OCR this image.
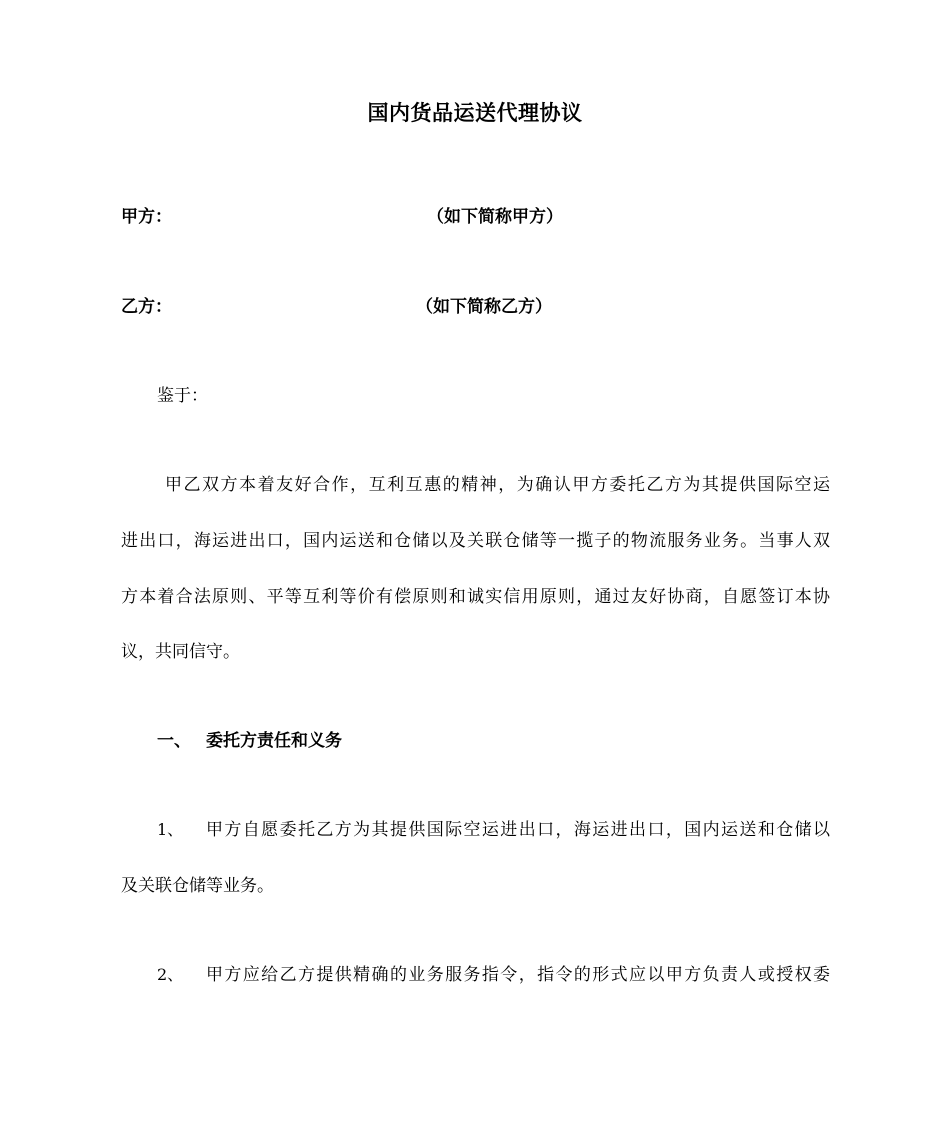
国内货品运送代理协议
甲方：	（如下简称甲方）
乙方：	（如下简称乙方）
鉴于：
甲乙双方本着友好合作，互利互惠的精神，为确认甲方委托乙方为其提供国际空运
进出口，海运进出口，国内运送和仓储以及关联仓储等一揽子的物流服务业务。当事人双
方本着合法原则、平等互利等价有偿原则和诚实信用原则，通过友好协商，自愿签订本协
议，共同信守。
一、 委托方责任和义务
1、 甲方自愿委托乙方为其提供国际空运进出口，海运进出口，国内运送和仓储以
及关联仓储等业务。
2、 甲方应给乙方提供精确的业务服务指令，指令的形式应以甲方负责人或授权委
